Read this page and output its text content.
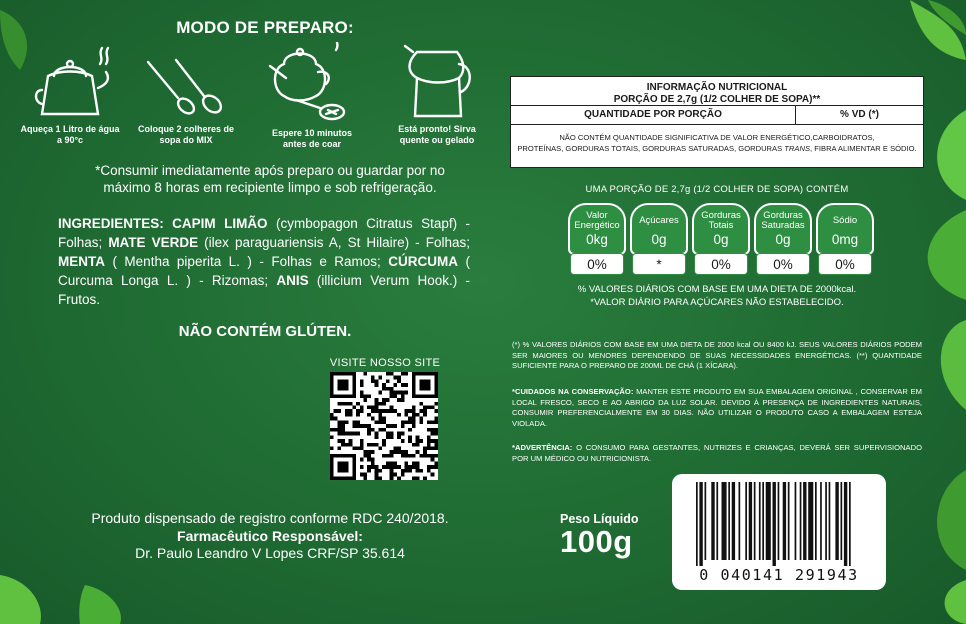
MODO DE PREPARO:
Aqueça 1 Litro de água a 90°c
Coloque 2 colheres de sopa do MIX
Espere 10 minutos antes de coar
Está pronto! Sirva quente ou gelado
*Consumir imediatamente após preparo ou guardar por no máximo 8 horas em recipiente limpo e sob refrigeração.
INGREDIENTES: CAPIM LIMÃO (cymbopagon Citratus Stapf) - Folhas; MATE VERDE (ilex paraguariensis A, St Hilaire) - Folhas; MENTA ( Mentha piperita L. ) - Folhas e Ramos; CÚRCUMA ( Curcuma Longa L. ) - Rizomas; ANIS (illicium Verum Hook.) - Frutos.
NÃO CONTÉM GLÚTEN.
VISITE NOSSO SITE
Produto dispensado de registro conforme RDC 240/2018.
Farmacêutico Responsável:
Dr. Paulo Leandro V Lopes CRF/SP 35.614
INFORMAÇÃO NUTRICIONAL
PORÇÃO DE 2,7g (1/2 COLHER DE SOPA)**
QUANTIDADE POR PORÇÃO	% VD (*)
NÃO CONTÉM QUANTIDADE SIGNIFICATIVA DE VALOR ENERGÉTICO,CARBOIDRATOS,
PROTEÍNAS, GORDURAS TOTAIS, GORDURAS SATURADAS, GORDURAS TRANS, FIBRA ALIMENTAR E SÓDIO.
UMA PORÇÃO DE 2,7g (1/2 COLHER DE SOPA) CONTÉM
Valor Energético
0kg
0%
Açúcares
0g
*
Gorduras Totais
0g
0%
Gorduras Saturadas
0g
0%
Sódio
0mg
0%
% VALORES DIÁRIOS COM BASE EM UMA DIETA DE 2000kcal.
*VALOR DIÁRIO PARA AÇÚCARES NÃO ESTABELECIDO.
(*) % VALORES DIÁRIOS COM BASE EM UMA DIETA DE 2000 kcal OU 8400 kJ. SEUS VALORES DIÁRIOS PODEM SER MAIORES OU MENORES DEPENDENDO DE SUAS NECESSIDADES ENERGÉTICAS. (**) QUANTIDADE SUFICIENTE PARA O PREPARO DE 200ML DE CHÁ (1 XÍCARA).
*CUIDADOS NA CONSERVAÇÃO: MANTER ESTE PRODUTO EM SUA EMBALAGEM ORIGINAL , CONSERVAR EM LOCAL FRESCO, SECO E AO ABRIGO DA LUZ SOLAR. DEVIDO À PRESENÇA DE INGREDIENTES NATURAIS, CONSUMIR PREFERENCIALMENTE EM 30 DIAS. NÃO UTILIZAR O PRODUTO CASO A EMBALAGEM ESTEJA VIOLADA.
*ADVERTÊNCIA: O CONSUMO PARA GESTANTES, NUTRIZES E CRIANÇAS, DEVERÁ SER SUPERVISIONADO POR UM MÉDICO OU NUTRICIONISTA.
Peso Líquido
100g
0 040141 291943
